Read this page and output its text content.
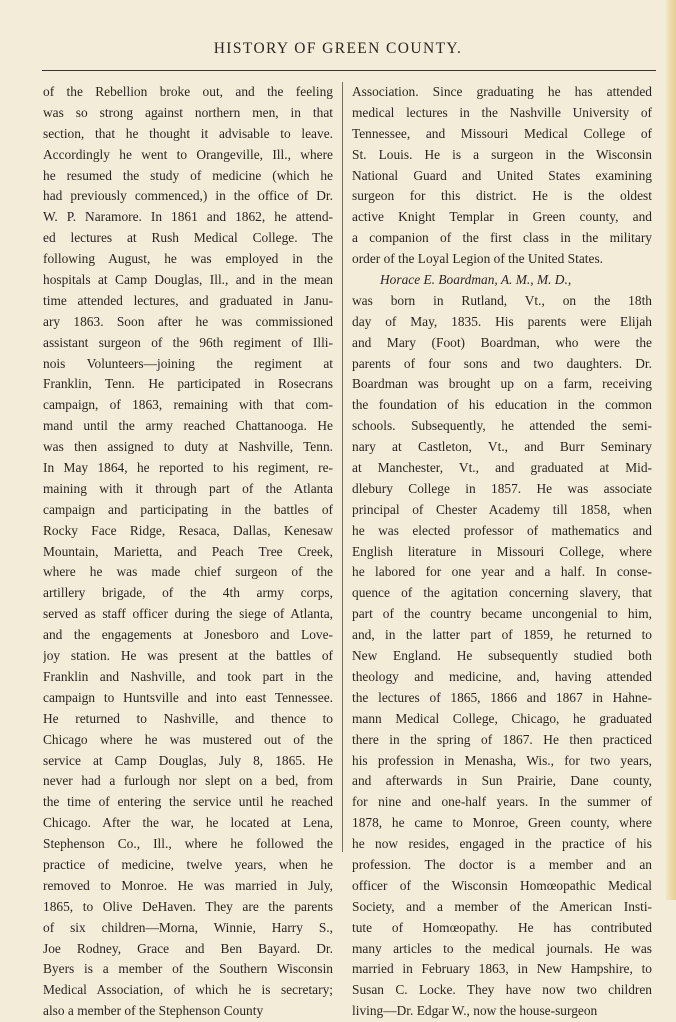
HISTORY OF GREEN COUNTY.
of the Rebellion broke out, and the feeling
was so strong against northern men, in that
section, that he thought it advisable to leave.
Accordingly he went to Orangeville, Ill., where
he resumed the study of medicine (which he
had previously commenced,) in the office of Dr.
W. P. Naramore. In 1861 and 1862, he attend-
ed lectures at Rush Medical College. The
following August, he was employed in the
hospitals at Camp Douglas, Ill., and in the mean
time attended lectures, and graduated in Janu-
ary 1863. Soon after he was commissioned
assistant surgeon of the 96th regiment of Illi-
nois Volunteers—joining the regiment at
Franklin, Tenn. He participated in Rosecrans
campaign, of 1863, remaining with that com-
mand until the army reached Chattanooga. He
was then assigned to duty at Nashville, Tenn.
In May 1864, he reported to his regiment, re-
maining with it through part of the Atlanta
campaign and participating in the battles of
Rocky Face Ridge, Resaca, Dallas, Kenesaw
Mountain, Marietta, and Peach Tree Creek,
where he was made chief surgeon of the
artillery brigade, of the 4th army corps,
served as staff officer during the siege of Atlanta,
and the engagements at Jonesboro and Love-
joy station. He was present at the battles of
Franklin and Nashville, and took part in the
campaign to Huntsville and into east Tennessee.
He returned to Nashville, and thence to
Chicago where he was mustered out of the
service at Camp Douglas, July 8, 1865. He
never had a furlough nor slept on a bed, from
the time of entering the service until he reached
Chicago. After the war, he located at Lena,
Stephenson Co., Ill., where he followed the
practice of medicine, twelve years, when he
removed to Monroe. He was married in July,
1865, to Olive DeHaven. They are the parents
of six children—Morna, Winnie, Harry S.,
Joe Rodney, Grace and Ben Bayard. Dr.
Byers is a member of the Southern Wisconsin
Medical Association, of which he is secretary;
also a member of the Stephenson County
Association. Since graduating he has attended
medical lectures in the Nashville University of
Tennessee, and Missouri Medical College of
St. Louis. He is a surgeon in the Wisconsin
National Guard and United States examining
surgeon for this district. He is the oldest
active Knight Templar in Green county, and
a companion of the first class in the military
order of the Loyal Legion of the United States.
Horace E. Boardman, A. M., M. D.,
was born in Rutland, Vt., on the 18th
day of May, 1835. His parents were Elijah
and Mary (Foot) Boardman, who were the
parents of four sons and two daughters. Dr.
Boardman was brought up on a farm, receiving
the foundation of his education in the common
schools. Subsequently, he attended the semi-
nary at Castleton, Vt., and Burr Seminary
at Manchester, Vt., and graduated at Mid-
dlebury College in 1857. He was associate
principal of Chester Academy till 1858, when
he was elected professor of mathematics and
English literature in Missouri College, where
he labored for one year and a half. In conse-
quence of the agitation concerning slavery, that
part of the country became uncongenial to him,
and, in the latter part of 1859, he returned to
New England. He subsequently studied both
theology and medicine, and, having attended
the lectures of 1865, 1866 and 1867 in Hahne-
mann Medical College, Chicago, he graduated
there in the spring of 1867. He then practiced
his profession in Menasha, Wis., for two years,
and afterwards in Sun Prairie, Dane county,
for nine and one-half years. In the summer of
1878, he came to Monroe, Green county, where
he now resides, engaged in the practice of his
profession. The doctor is a member and an
officer of the Wisconsin Homœopathic Medical
Society, and a member of the American Insti-
tute of Homœopathy. He has contributed
many articles to the medical journals. He was
married in February 1863, in New Hampshire, to
Susan C. Locke. They have now two children
living—Dr. Edgar W., now the house-surgeon
